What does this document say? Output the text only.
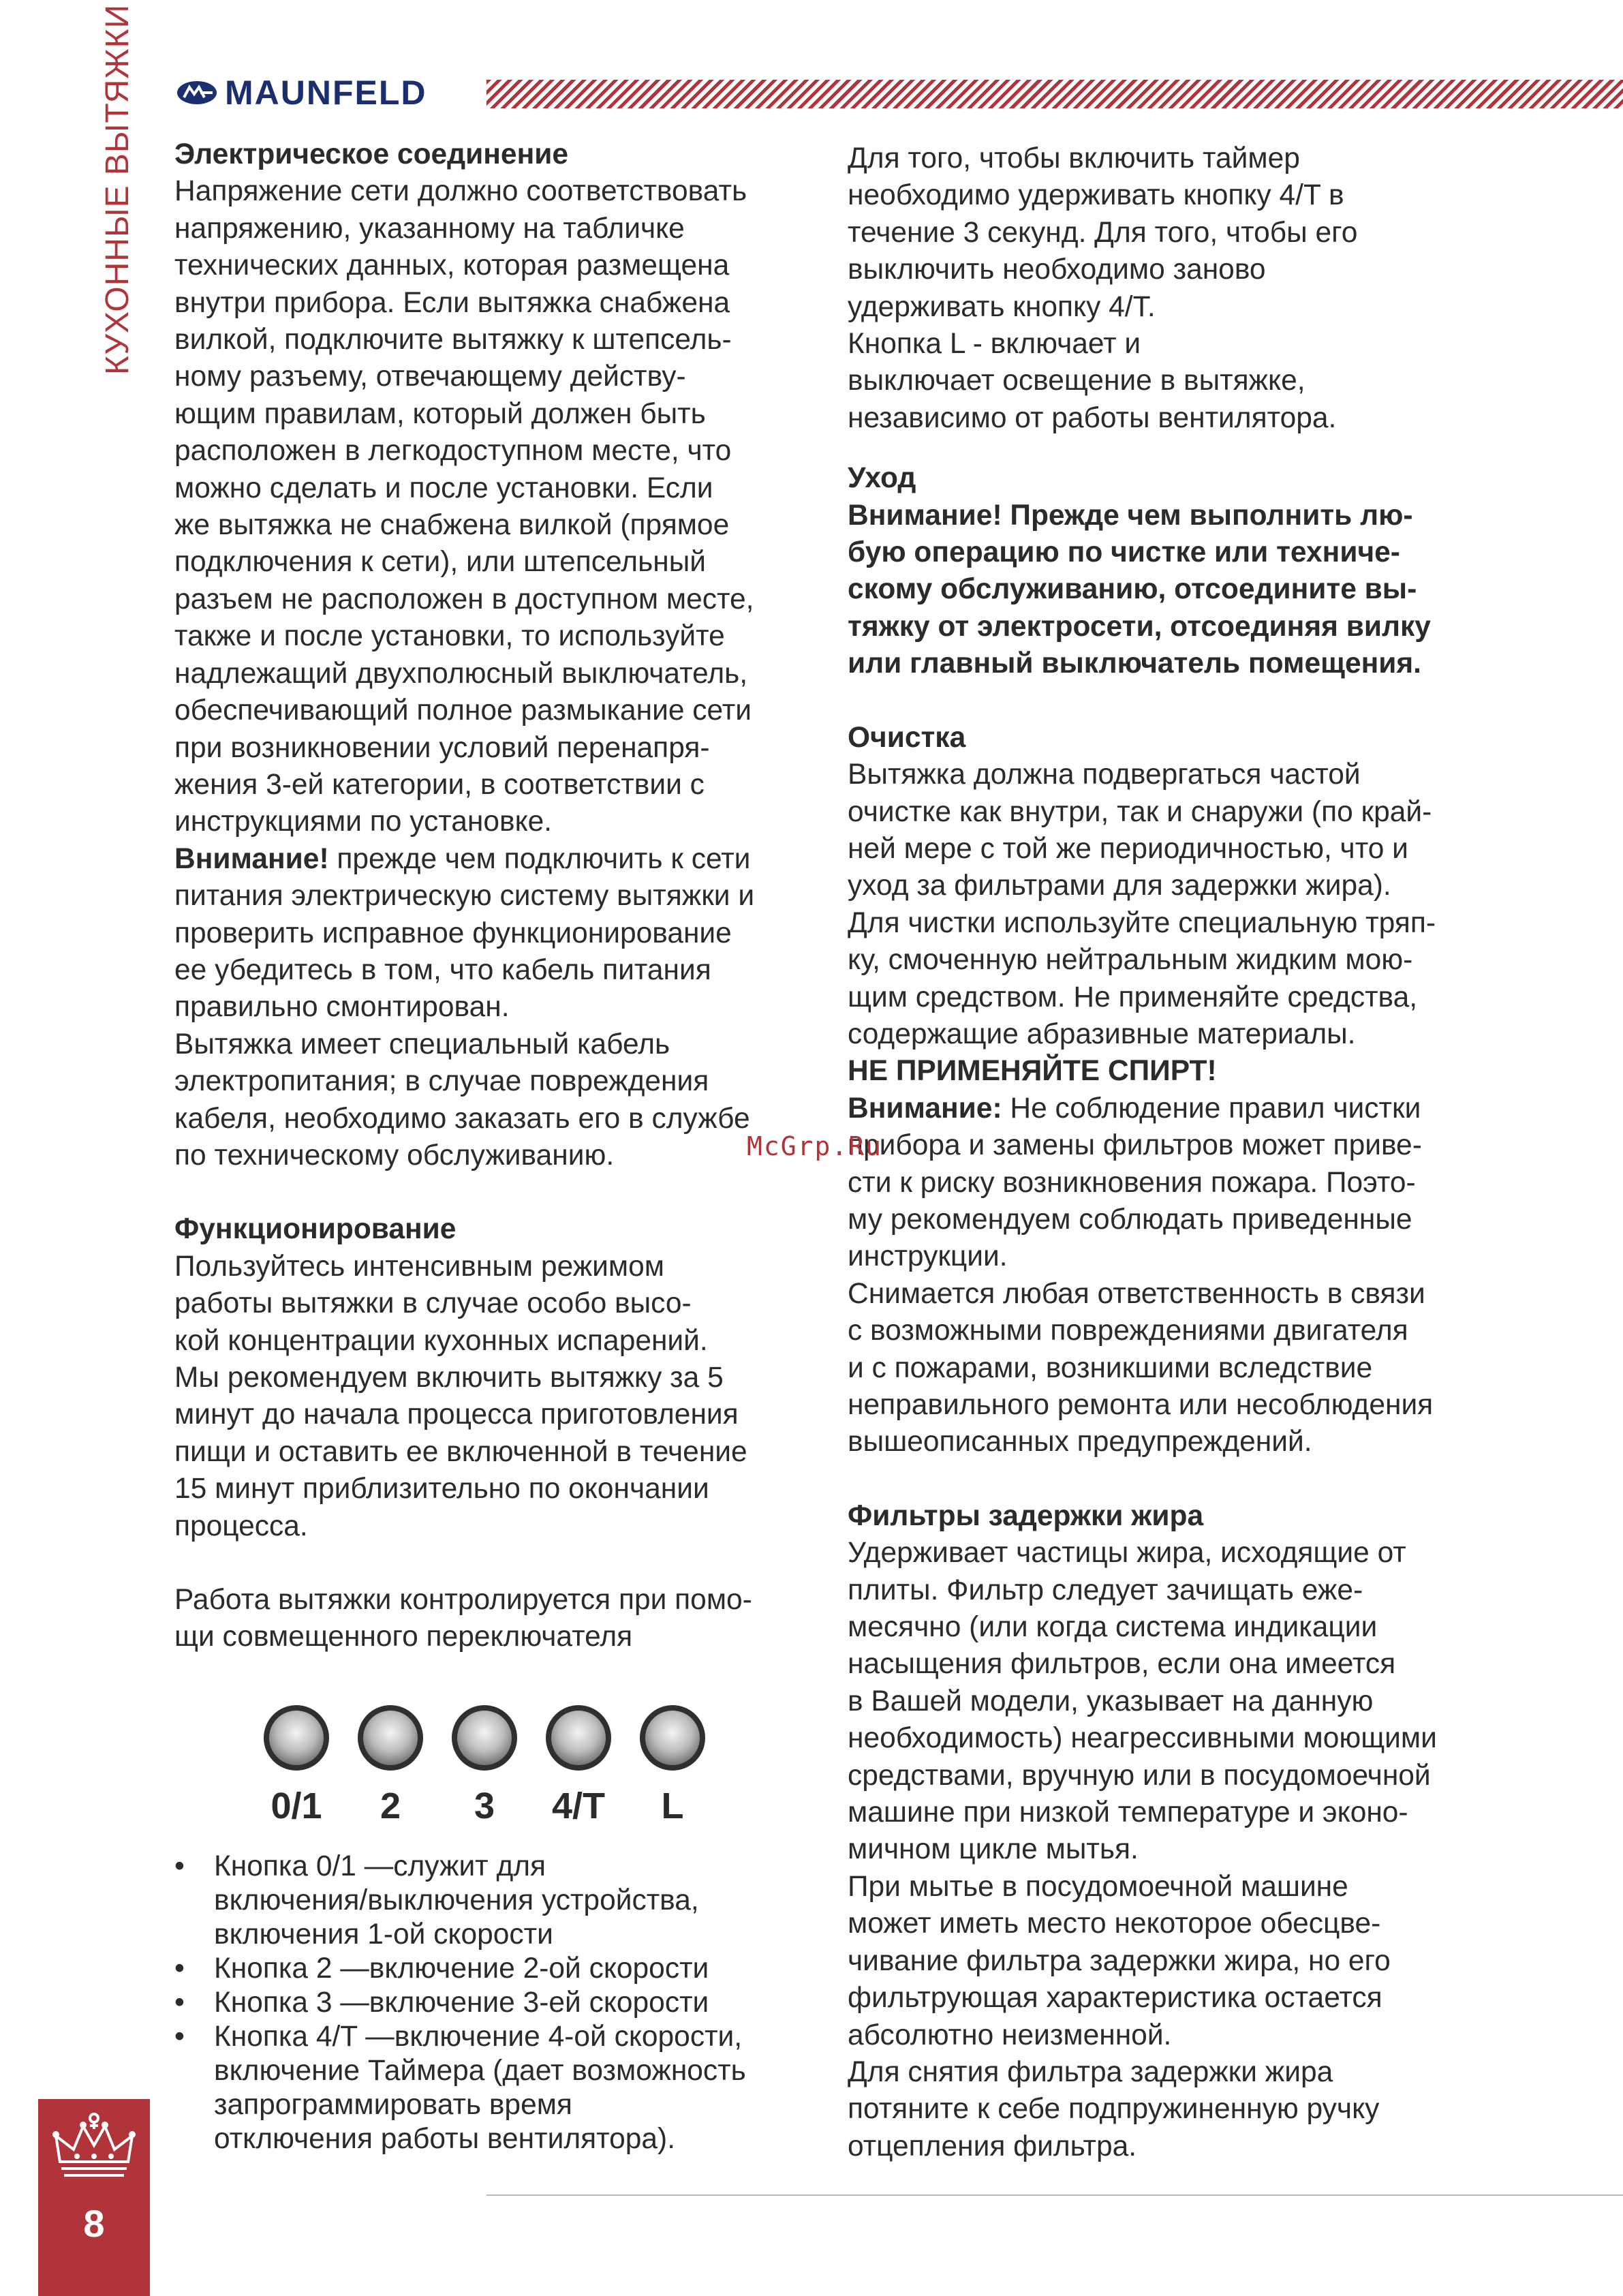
КУХОННЫЕ ВЫТЯЖКИ	MAUNFELD

Электрическое соединение

Напряжение сети должно соответствовать

напряжению, указанному на табличке

технических данных, которая размещена

внутри прибора. Если вытяжка снабжена

вилкой, подключите вытяжку к штепсель-

ному разъему, отвечающему действу-

ющим правилам, который должен быть

расположен в легкодоступном месте, что

можно сделать и после установки. Если

же вытяжка не снабжена вилкой (прямое

подключения к сети), или штепсельный

разъем не расположен в доступном месте,

также и после установки, то используйте

надлежащий двухполюсный выключатель,

обеспечивающий полное размыкание сети

при возникновении условий перенапря-

жения 3-ей категории, в соответствии с

инструкциями по установке.

Внимание! прежде чем подключить к сети

питания электрическую систему вытяжки и

проверить исправное функционирование

ее убедитесь в том, что кабель питания

правильно смонтирован.

Вытяжка имеет специальный кабель

электропитания; в случае повреждения

кабеля, необходимо заказать его в службе

по техническому обслуживанию.

Функционирование

Пользуйтесь интенсивным режимом

работы вытяжки в случае особо высо-

кой концентрации кухонных испарений.

Мы рекомендуем включить вытяжку за 5

минут до начала процесса приготовления

пищи и оставить ее включенной в течение

15 минут приблизительно по окончании

процесса.

Работа вытяжки контролируется при помо-

щи совмещенного переключателя

0/1 2 3 4/T L
• Кнопка 0/1 —служит для
включения/выключения устройства,
включения 1-ой скорости
• Кнопка 2 —включение 2-ой скорости
• Кнопка 3 —включение 3-ей скорости
• Кнопка 4/T —включение 4-ой скорости,
включение Таймера (дает возможность
запрограммировать время
отключения работы вентилятора).

Для того, чтобы включить таймер

необходимо удерживать кнопку 4/T в

течение 3 секунд. Для того, чтобы его

выключить необходимо заново

удерживать кнопку 4/T.

Кнопка L - включает и

выключает освещение в вытяжке,

независимо от работы вентилятора.

Уход

Внимание! Прежде чем выполнить лю-

бую операцию по чистке или техниче-

скому обслуживанию, отсоедините вы-

тяжку от электросети, отсоединяя вилку

или главный выключатель помещения.

Очистка

Вытяжка должна подвергаться частой

очистке как внутри, так и снаружи (по край-

ней мере с той же периодичностью, что и

уход за фильтрами для задержки жира).

Для чистки используйте специальную тряп-

ку, смоченную нейтральным жидким мою-

щим средством. Не применяйте средства,

содержащие абразивные материалы.

НЕ ПРИМЕНЯЙТЕ СПИРТ!

Внимание: Не соблюдение правил чистки

прибора и замены фильтров может приве-

сти к риску возникновения пожара. Поэто-

му рекомендуем соблюдать приведенные

инструкции.

Снимается любая ответственность в связи

с возможными повреждениями двигателя

и с пожарами, возникшими вследствие

неправильного ремонта или несоблюдения

вышеописанных предупреждений.

Фильтры задержки жира

Удерживает частицы жира, исходящие от

плиты. Фильтр следует зачищать еже-

месячно (или когда система индикации

насыщения фильтров, если она имеется

в Вашей модели, указывает на данную

необходимость) неагрессивными моющими

средствами, вручную или в посудомоечной

машине при низкой температуре и эконо-

мичном цикле мытья.

При мытье в посудомоечной машине

может иметь место некоторое обесцве-

чивание фильтра задержки жира, но его

фильтрующая характеристика остается

абсолютно неизменной.

Для снятия фильтра задержки жира

потяните к себе подпружиненную ручку

отцепления фильтра.

McGrp.Ru
8
